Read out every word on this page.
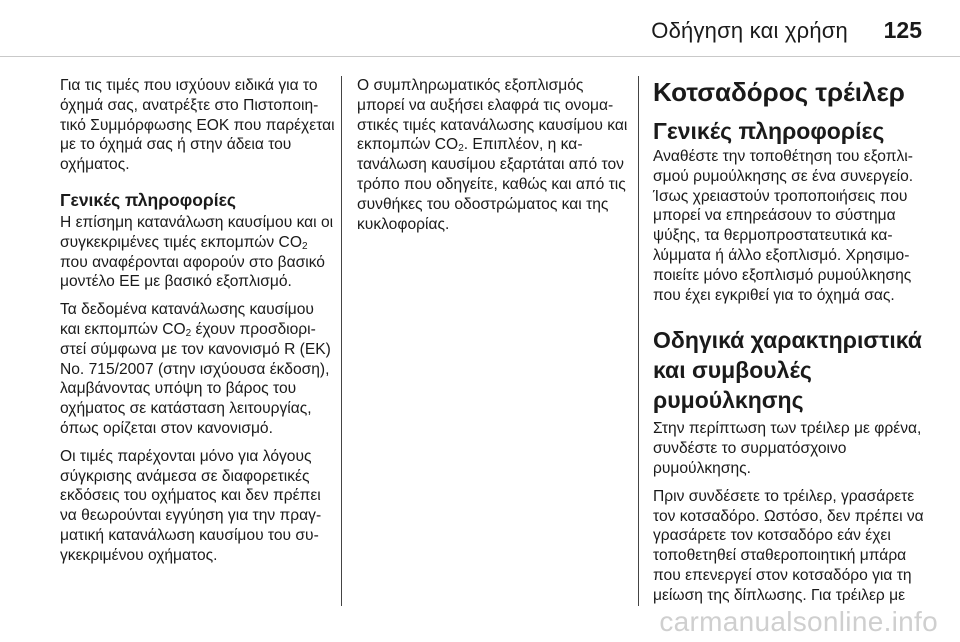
Οδήγηση και χρήση 125

Για τις τιμές που ισχύουν ειδικά για το όχημά σας, ανατρέξτε στο Πιστοποιητικό Συμμόρφωσης ΕΟΚ που παρέχεται με το όχημά σας ή στην άδεια του οχήματος.

Γενικές πληροφορίες

Η επίσημη κατανάλωση καυσίμου και οι συγκεκριμένες τιμές εκπομπών $CO_2$ που αναφέρονται αφορούν στο βασικό μοντέλο ΕΕ με βασικό εξοπλισμό.

Τα δεδομένα κατανάλωσης καυσίμου και εκπομπών $CO_2$ έχουν προσδιοριστεί σύμφωνα με τον κανονισμό R (ΕΚ) No. 715/2007 (στην ισχύουσα έκδοση), λαμβάνοντας υπόψη το βάρος του οχήματος σε κατάσταση λειτουργίας, όπως ορίζεται στον κανονισμό.

Οι τιμές παρέχονται μόνο για λόγους σύγκρισης ανάμεσα σε διαφορετικές εκδόσεις του οχήματος και δεν πρέπει να θεωρούνται εγγύηση για την πραγματική κατανάλωση καυσίμου του συγκεκριμένου οχήματος.

Ο συμπληρωματικός εξοπλισμός μπορεί να αυξήσει ελαφρά τις ονομαστικές τιμές κατανάλωσης καυσίμου και εκπομπών $CO_2$. Επιπλέον, η κατανάλωση καυσίμου εξαρτάται από τον τρόπο που οδηγείτε, καθώς και από τις συνθήκες του οδοστρώματος και της κυκλοφορίας.

Κοτσαδόρος τρέιλερ
Γενικές πληροφορίες

Αναθέστε την τοποθέτηση του εξοπλισμού ρυμούλκησης σε ένα συνεργείο. Ίσως χρειαστούν τροποποιήσεις που μπορεί να επηρεάσουν το σύστημα ψύξης, τα θερμοπροστατευτικά καλύμματα ή άλλο εξοπλισμό. Χρησιμοποιείτε μόνο εξοπλισμό ρυμούλκησης που έχει εγκριθεί για το όχημά σας.

Οδηγικά χαρακτηριστικά και συμβουλές ρυμούλκησης

Στην περίπτωση των τρέιλερ με φρένα, συνδέστε το συρματόσχοινο ρυμούλκησης.

Πριν συνδέσετε το τρέιλερ, γρασάρετε τον κοτσαδόρο. Ωστόσο, δεν πρέπει να γρασάρετε τον κοτσαδόρο εάν έχει τοποθετηθεί σταθεροποιητική μπάρα που επενεργεί στον κοτσαδόρο για τη μείωση της δίπλωσης. Για τρέιλερ με

carmanualsonline.info
